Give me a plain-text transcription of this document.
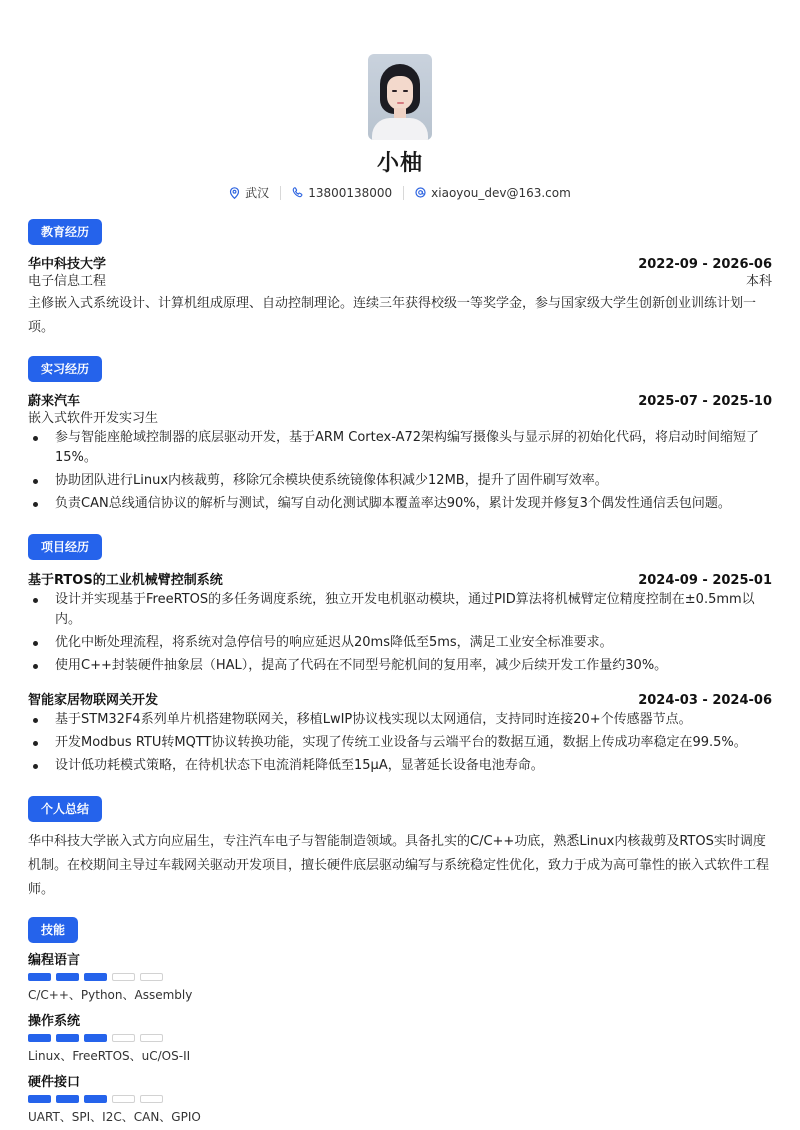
小柚
武汉	13800138000	xiaoyou_dev@163.com
教育经历
华中科技大学	2022-09 - 2026-06
电子信息工程	本科
主修嵌入式系统设计、计算机组成原理、自动控制理论。连续三年获得校级一等奖学金，参与国家级大学生创新创业训练计划一项。
实习经历
蔚来汽车	2025-07 - 2025-10
嵌入式软件开发实习生
参与智能座舱域控制器的底层驱动开发，基于ARM Cortex-A72架构编写摄像头与显示屏的初始化代码，将启动时间缩短了15%。
协助团队进行Linux内核裁剪，移除冗余模块使系统镜像体积减少12MB，提升了固件刷写效率。
负责CAN总线通信协议的解析与测试，编写自动化测试脚本覆盖率达90%，累计发现并修复3个偶发性通信丢包问题。
项目经历
基于RTOS的工业机械臂控制系统	2024-09 - 2025-01
设计并实现基于FreeRTOS的多任务调度系统，独立开发电机驱动模块，通过PID算法将机械臂定位精度控制在±0.5mm以内。
优化中断处理流程，将系统对急停信号的响应延迟从20ms降低至5ms，满足工业安全标准要求。
使用C++封装硬件抽象层（HAL），提高了代码在不同型号舵机间的复用率，减少后续开发工作量约30%。
智能家居物联网关开发	2024-03 - 2024-06
基于STM32F4系列单片机搭建物联网关，移植LwIP协议栈实现以太网通信，支持同时连接20+个传感器节点。
开发Modbus RTU转MQTT协议转换功能，实现了传统工业设备与云端平台的数据互通，数据上传成功率稳定在99.5%。
设计低功耗模式策略，在待机状态下电流消耗降低至15μA，显著延长设备电池寿命。
个人总结
华中科技大学嵌入式方向应届生，专注汽车电子与智能制造领域。具备扎实的C/C++功底，熟悉Linux内核裁剪及RTOS实时调度机制。在校期间主导过车载网关驱动开发项目，擅长硬件底层驱动编写与系统稳定性优化，致力于成为高可靠性的嵌入式软件工程师。
技能
编程语言
C/C++、Python、Assembly
操作系统
Linux、FreeRTOS、uC/OS-II
硬件接口
UART、SPI、I2C、CAN、GPIO
